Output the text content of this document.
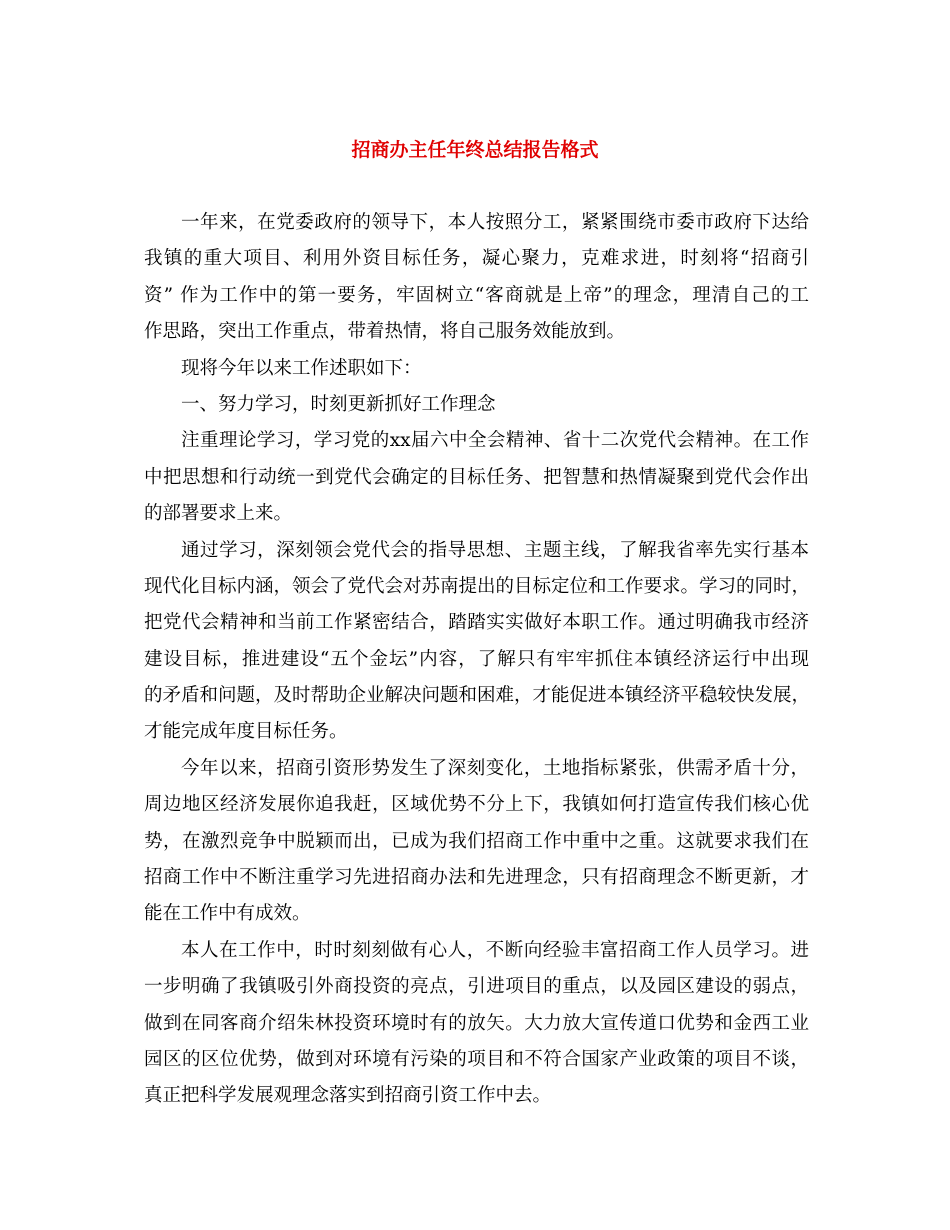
招商办主任年终总结报告格式
一年来，在党委政府的领导下，本人按照分工，紧紧围绕市委市政府下达给
我镇的重大项目、利用外资目标任务，凝心聚力，克难求进，时刻将“招商引
资” 作为工作中的第一要务，牢固树立“客商就是上帝”的理念，理清自己的工
作思路，突出工作重点，带着热情，将自己服务效能放到。
现将今年以来工作述职如下：
一、努力学习，时刻更新抓好工作理念
注重理论学习，学习党的xx届六中全会精神、省十二次党代会精神。在工作
中把思想和行动统一到党代会确定的目标任务、把智慧和热情凝聚到党代会作出
的部署要求上来。
通过学习，深刻领会党代会的指导思想、主题主线，了解我省率先实行基本
现代化目标内涵，领会了党代会对苏南提出的目标定位和工作要求。学习的同时，
把党代会精神和当前工作紧密结合，踏踏实实做好本职工作。通过明确我市经济
建设目标，推进建设“五个金坛”内容，了解只有牢牢抓住本镇经济运行中出现
的矛盾和问题，及时帮助企业解决问题和困难，才能促进本镇经济平稳较快发展，
才能完成年度目标任务。
今年以来，招商引资形势发生了深刻变化，土地指标紧张，供需矛盾十分，
周边地区经济发展你追我赶，区域优势不分上下，我镇如何打造宣传我们核心优
势，在激烈竞争中脱颖而出，已成为我们招商工作中重中之重。这就要求我们在
招商工作中不断注重学习先进招商办法和先进理念，只有招商理念不断更新，才
能在工作中有成效。
本人在工作中，时时刻刻做有心人，不断向经验丰富招商工作人员学习。进
一步明确了我镇吸引外商投资的亮点，引进项目的重点，以及园区建设的弱点，
做到在同客商介绍朱林投资环境时有的放矢。大力放大宣传道口优势和金西工业
园区的区位优势，做到对环境有污染的项目和不符合国家产业政策的项目不谈，
真正把科学发展观理念落实到招商引资工作中去。
